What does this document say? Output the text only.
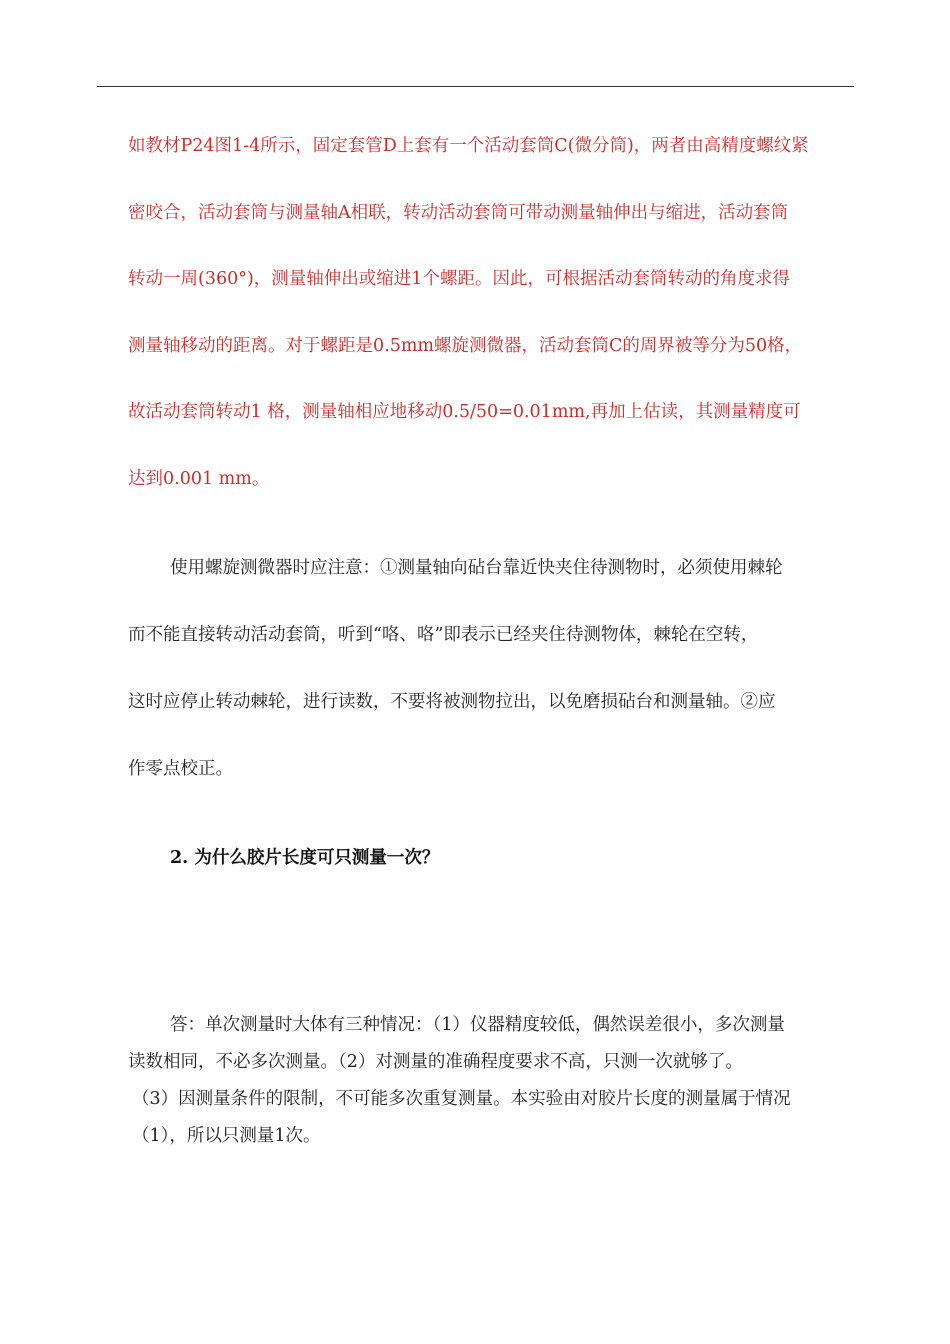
如教材P24图1-4所示，固定套管D上套有一个活动套筒C(微分筒)，两者由高精度螺纹紧
密咬合，活动套筒与测量轴A相联，转动活动套筒可带动测量轴伸出与缩进，活动套筒
转动一周(360°)，测量轴伸出或缩进1个螺距。因此，可根据活动套筒转动的角度求得
测量轴移动的距离。对于螺距是0.5mm螺旋测微器，活动套筒C的周界被等分为50格，
故活动套筒转动1 格，测量轴相应地移动0.5/50=0.01mm,再加上估读，其测量精度可
达到0.001 mm。
使用螺旋测微器时应注意：①测量轴向砧台靠近快夹住待测物时，必须使用棘轮
而不能直接转动活动套筒，听到“咯、咯”即表示已经夹住待测物体，棘轮在空转，
这时应停止转动棘轮，进行读数，不要将被测物拉出，以免磨损砧台和测量轴。②应
作零点校正。
2. 为什么胶片长度可只测量一次？
答：单次测量时大体有三种情况：（1）仪器精度较低，偶然误差很小，多次测量
读数相同，不必多次测量。（2）对测量的准确程度要求不高，只测一次就够了。
（3）因测量条件的限制，不可能多次重复测量。本实验由对胶片长度的测量属于情况
（1），所以只测量1次。
